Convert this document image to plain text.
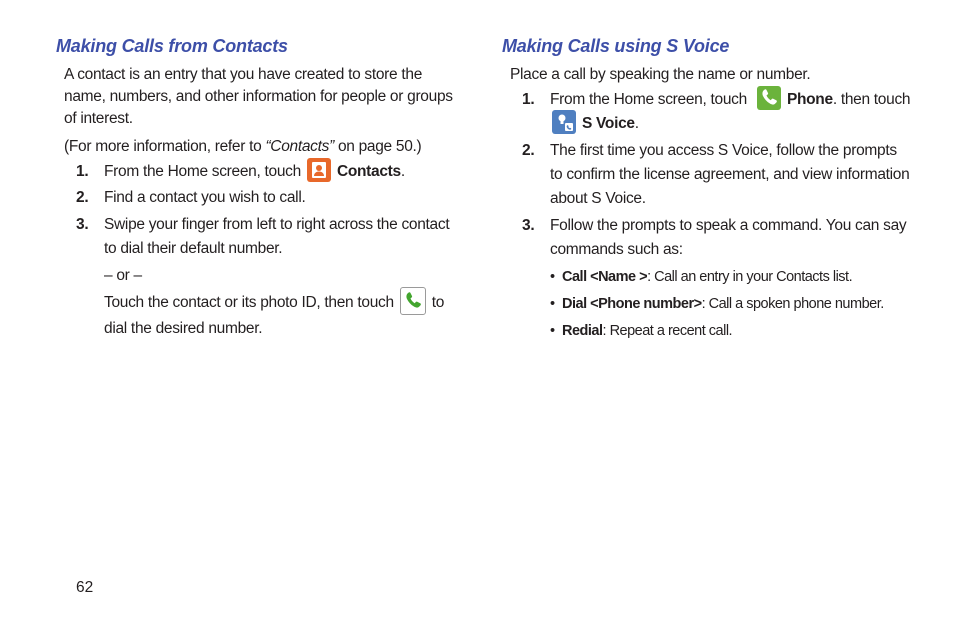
Making Calls from Contacts
A contact is an entry that you have created to store the name, numbers, and other information for people or groups of interest.
(For more information, refer to “Contacts” on page 50.)
1. From the Home screen, touch Contacts.
2. Find a contact you wish to call.
3. Swipe your finger from left to right across the contact to dial their default number.
– or –
Touch the contact or its photo ID, then touch to dial the desired number.
Making Calls using S Voice
Place a call by speaking the name or number.
1. From the Home screen, touch	Phone. then touch

S Voice.
2. The first time you access S Voice, follow the prompts to confirm the license agreement, and view information about S Voice.
3. Follow the prompts to speak a command. You can say commands such as:
• Call <Name >: Call an entry in your Contacts list.
• Dial <Phone number>: Call a spoken phone number.
• Redial: Repeat a recent call.
62
